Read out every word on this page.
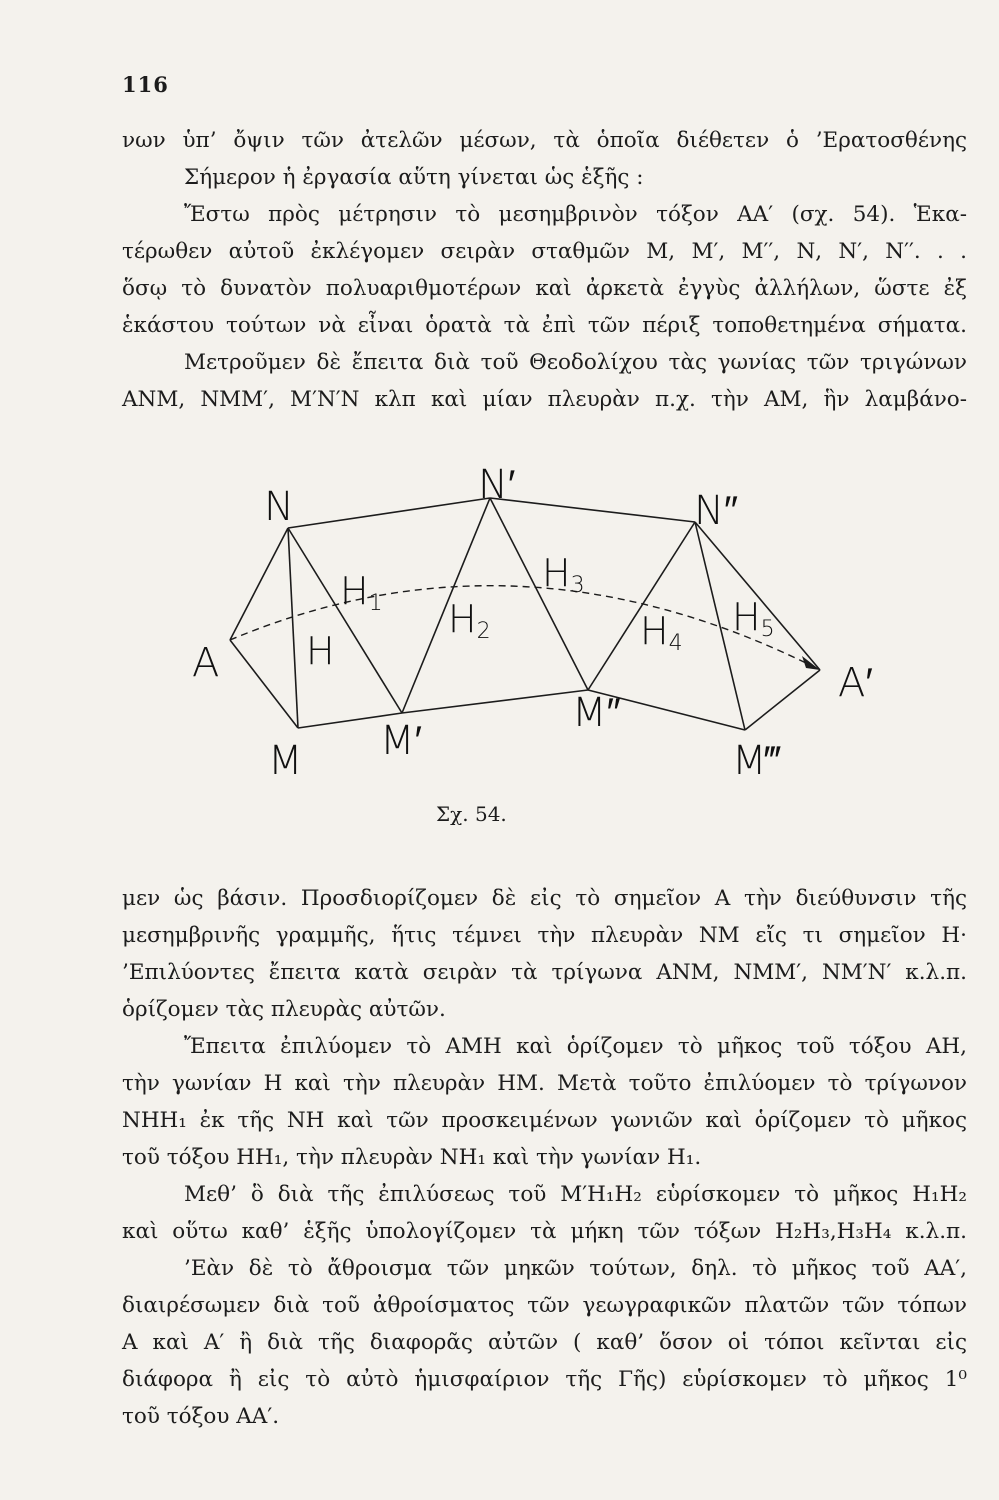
116
νων ὑπ’ ὄψιν τῶν ἀτελῶν μέσων, τὰ ὁποῖα διέθετεν ὁ ’Ερατοσθένης
Σήμερον ἡ ἐργασία αὕτη γίνεται ὡς ἑξῆς :
Ἔστω πρὸς μέτρησιν τὸ μεσημβρινὸν τόξον ΑΑ′ (σχ. 54). Ἑκα-
τέρωθεν αὐτοῦ ἐκλέγομεν σειρὰν σταθμῶν Μ, Μ′, Μ′′, Ν, Ν′, Ν′′. . .
ὅσῳ τὸ δυνατὸν πολυαριθμοτέρων καὶ ἀρκετὰ ἐγγὺς ἀλλήλων, ὥστε ἐξ
ἑκάστου τούτων νὰ εἶναι ὁρατὰ τὰ ἐπὶ τῶν πέριξ τοποθετημένα σήματα.
Μετροῦμεν δὲ ἔπειτα διὰ τοῦ Θεοδολίχου τὰς γωνίας τῶν τριγώνων
ΑΝΜ, ΝΜΜ′, Μ′Ν′Ν κλπ καὶ μίαν πλευρὰν π.χ. τὴν ΑΜ, ἣν λαμβάνο-
N	N′
N″
A	A′
M M′
M″
M‴
H
H1 H2
H3
H4
H5
Σχ. 54.
μεν ὡς βάσιν. Προσδιορίζομεν δὲ εἰς τὸ σημεῖον Α τὴν διεύθυνσιν τῆς
μεσημβρινῆς γραμμῆς, ἥτις τέμνει τὴν πλευρὰν ΝΜ εἴς τι σημεῖον Η·
’Επιλύοντες ἔπειτα κατὰ σειρὰν τὰ τρίγωνα ΑΝΜ, ΝΜΜ′, ΝΜ′Ν′ κ.λ.π.
ὁρίζομεν τὰς πλευρὰς αὐτῶν.
Ἔπειτα ἐπιλύομεν τὸ ΑΜΗ καὶ ὁρίζομεν τὸ μῆκος τοῦ τόξου ΑΗ,
τὴν γωνίαν Η καὶ τὴν πλευρὰν ΗΜ. Μετὰ τοῦτο ἐπιλύομεν τὸ τρίγωνον
ΝΗΗ₁ ἐκ τῆς ΝΗ καὶ τῶν προσκειμένων γωνιῶν καὶ ὁρίζομεν τὸ μῆκος
τοῦ τόξου ΗΗ₁, τὴν πλευρὰν ΝΗ₁ καὶ τὴν γωνίαν Η₁.
Μεθ’ ὃ διὰ τῆς ἐπιλύσεως τοῦ Μ′Η₁Η₂ εὑρίσκομεν τὸ μῆκος Η₁Η₂
καὶ οὕτω καθ’ ἑξῆς ὑπολογίζομεν τὰ μήκη τῶν τόξων Η₂Η₃,Η₃Η₄ κ.λ.π.
’Εὰν δὲ τὸ ἄθροισμα τῶν μηκῶν τούτων, δηλ. τὸ μῆκος τοῦ ΑΑ′,
διαιρέσωμεν διὰ τοῦ ἀθροίσματος τῶν γεωγραφικῶν πλατῶν τῶν τόπων
Α καὶ Α′ ἢ διὰ τῆς διαφορᾶς αὐτῶν ( καθ’ ὅσον οἱ τόποι κεῖνται εἰς
διάφορα ἢ εἰς τὸ αὐτὸ ἡμισφαίριον τῆς Γῆς) εὑρίσκομεν τὸ μῆκος 1⁰
τοῦ τόξου ΑΑ′.
